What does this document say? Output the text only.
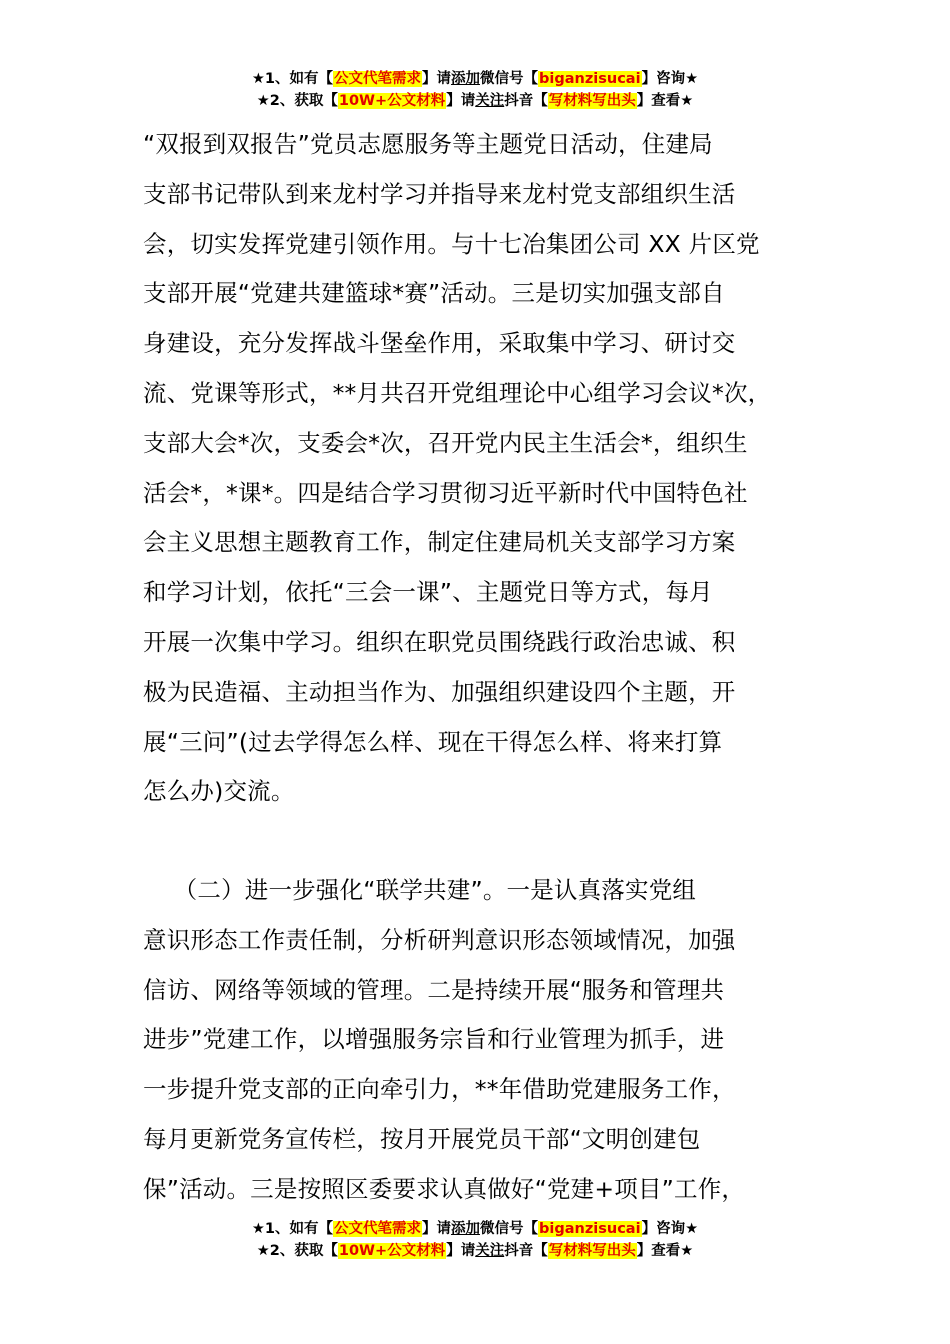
★1、如有【公文代笔需求】请添加微信号【biganzisucai】咨询★
★2、获取【10W+公文材料】请关注抖音【写材料写出头】查看★
“双报到双报告”党员志愿服务等主题党日活动，住建局
支部书记带队到来龙村学习并指导来龙村党支部组织生活
会，切实发挥党建引领作用。与十七冶集团公司 XX 片区党
支部开展“党建共建篮球*赛”活动。三是切实加强支部自
身建设，充分发挥战斗堡垒作用，采取集中学习、研讨交
流、党课等形式，**月共召开党组理论中心组学习会议*次，
支部大会*次，支委会*次，召开党内民主生活会*，组织生
活会*，*课*。四是结合学习贯彻习近平新时代中国特色社
会主义思想主题教育工作，制定住建局机关支部学习方案
和学习计划，依托“三会一课”、主题党日等方式，每月
开展一次集中学习。组织在职党员围绕践行政治忠诚、积
极为民造福、主动担当作为、加强组织建设四个主题，开
展“三问”(过去学得怎么样、现在干得怎么样、将来打算
怎么办)交流。
（二）进一步强化“联学共建”。一是认真落实党组
意识形态工作责任制，分析研判意识形态领域情况，加强
信访、网络等领域的管理。二是持续开展“服务和管理共
进步”党建工作，以增强服务宗旨和行业管理为抓手，进
一步提升党支部的正向牵引力，**年借助党建服务工作，
每月更新党务宣传栏，按月开展党员干部“文明创建包
保”活动。三是按照区委要求认真做好“党建+项目”工作，
★1、如有【公文代笔需求】请添加微信号【biganzisucai】咨询★
★2、获取【10W+公文材料】请关注抖音【写材料写出头】查看★
